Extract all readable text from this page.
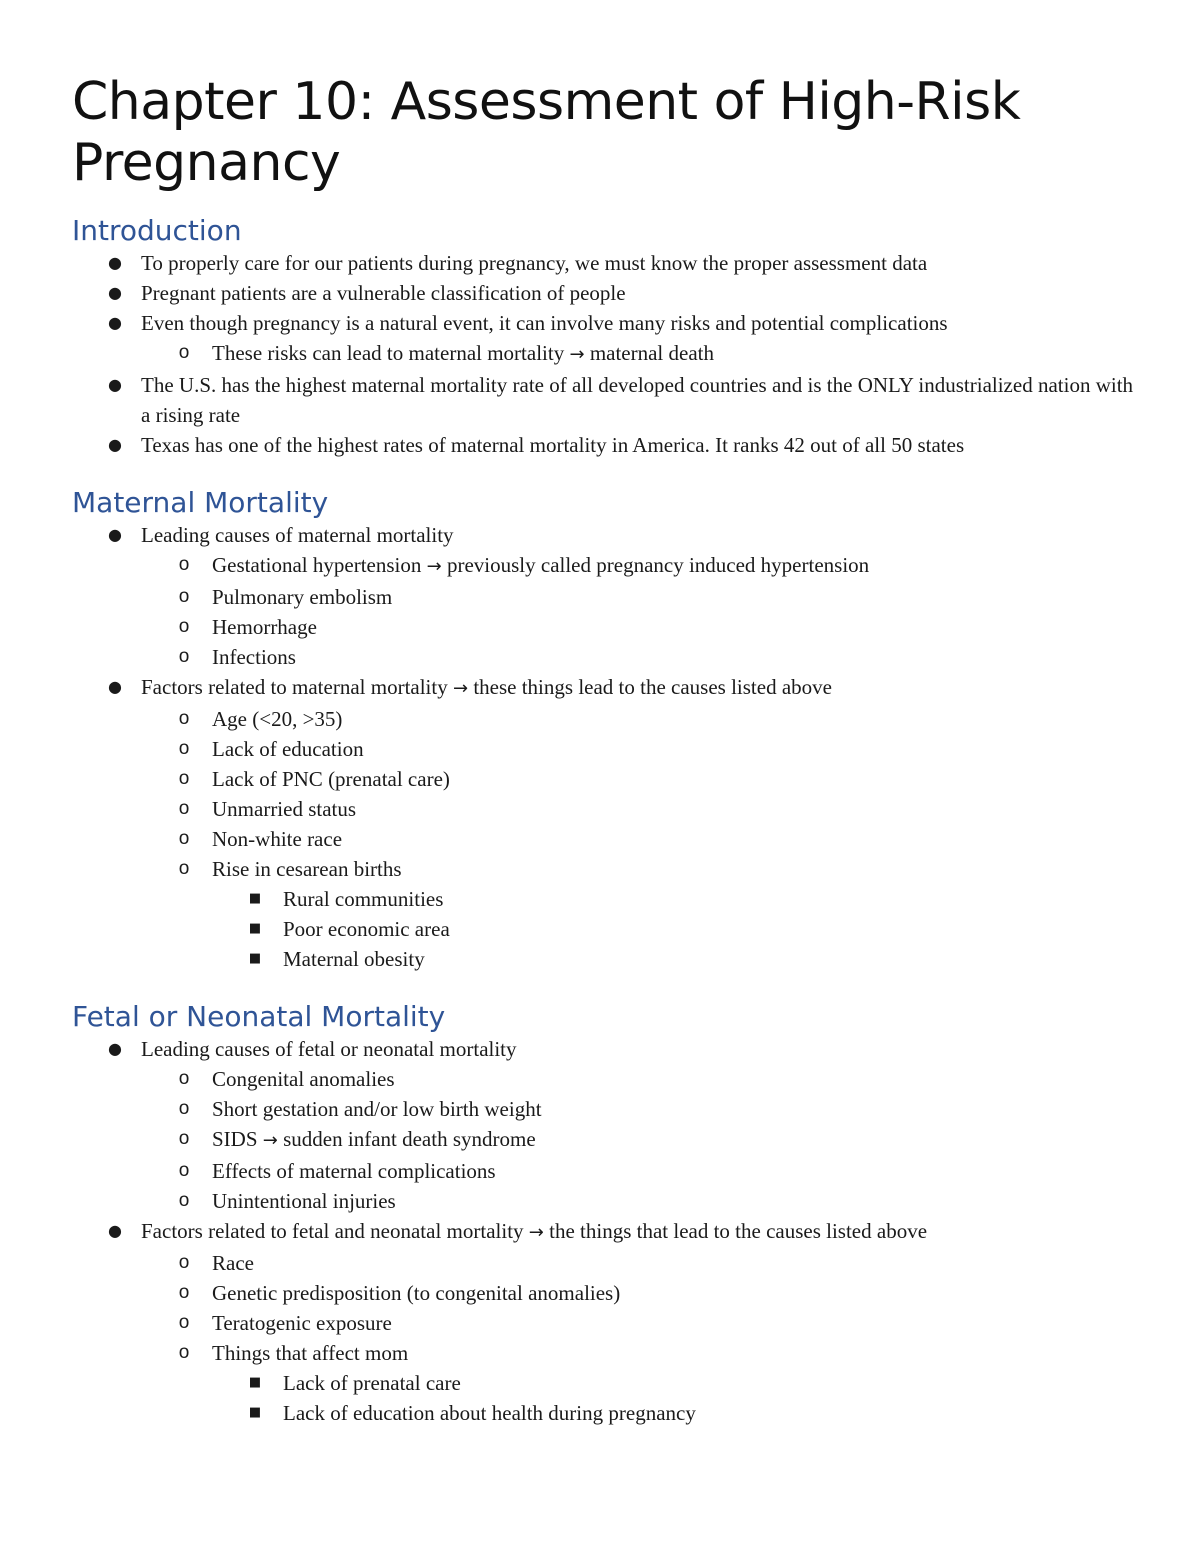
Chapter 10: Assessment of High-Risk Pregnancy
Introduction
● To properly care for our patients during pregnancy, we must know the proper assessment data
● Pregnant patients are a vulnerable classification of people
● Even though pregnancy is a natural event, it can involve many risks and potential complications
o These risks can lead to maternal mortality → maternal death
● The U.S. has the highest maternal mortality rate of all developed countries and is the ONLY industrialized nation with a rising rate
● Texas has one of the highest rates of maternal mortality in America. It ranks 42 out of all 50 states
Maternal Mortality
● Leading causes of maternal mortality
o Gestational hypertension → previously called pregnancy induced hypertension
o Pulmonary embolism
o Hemorrhage
o Infections
● Factors related to maternal mortality → these things lead to the causes listed above
o Age (<20, >35)
o Lack of education
o Lack of PNC (prenatal care)
o Unmarried status
o Non-white race
o Rise in cesarean births
■ Rural communities
■ Poor economic area
■ Maternal obesity
Fetal or Neonatal Mortality
● Leading causes of fetal or neonatal mortality
o Congenital anomalies
o Short gestation and/or low birth weight
o SIDS → sudden infant death syndrome
o Effects of maternal complications
o Unintentional injuries
● Factors related to fetal and neonatal mortality → the things that lead to the causes listed above
o Race
o Genetic predisposition (to congenital anomalies)
o Teratogenic exposure
o Things that affect mom
■ Lack of prenatal care
■ Lack of education about health during pregnancy
